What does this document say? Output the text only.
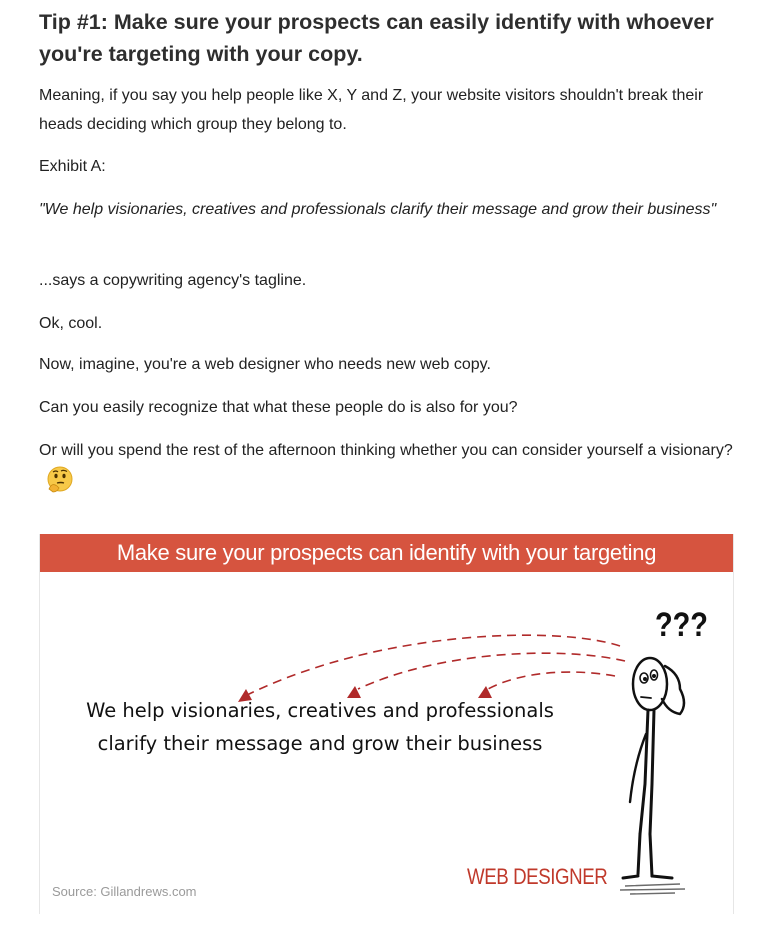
Tip #1: Make sure your prospects can easily identify with whoever you're targeting with your copy.

Meaning, if you say you help people like X, Y and Z, your website visitors shouldn't break their heads deciding which group they belong to.

Exhibit A:

"We help visionaries, creatives and professionals clarify their message and grow their business"

...says a copywriting agency's tagline.

Ok, cool.

Now, imagine, you're a web designer who needs new web copy.

Can you easily recognize that what these people do is also for you?

Or will you spend the rest of the afternoon thinking whether you can consider yourself a visionary?

Make sure your prospects can identify with your targeting
We help visionaries, creatives and professionals
clarify their message and grow their business
???
WEB DESIGNER
Source: Gillandrews.com
